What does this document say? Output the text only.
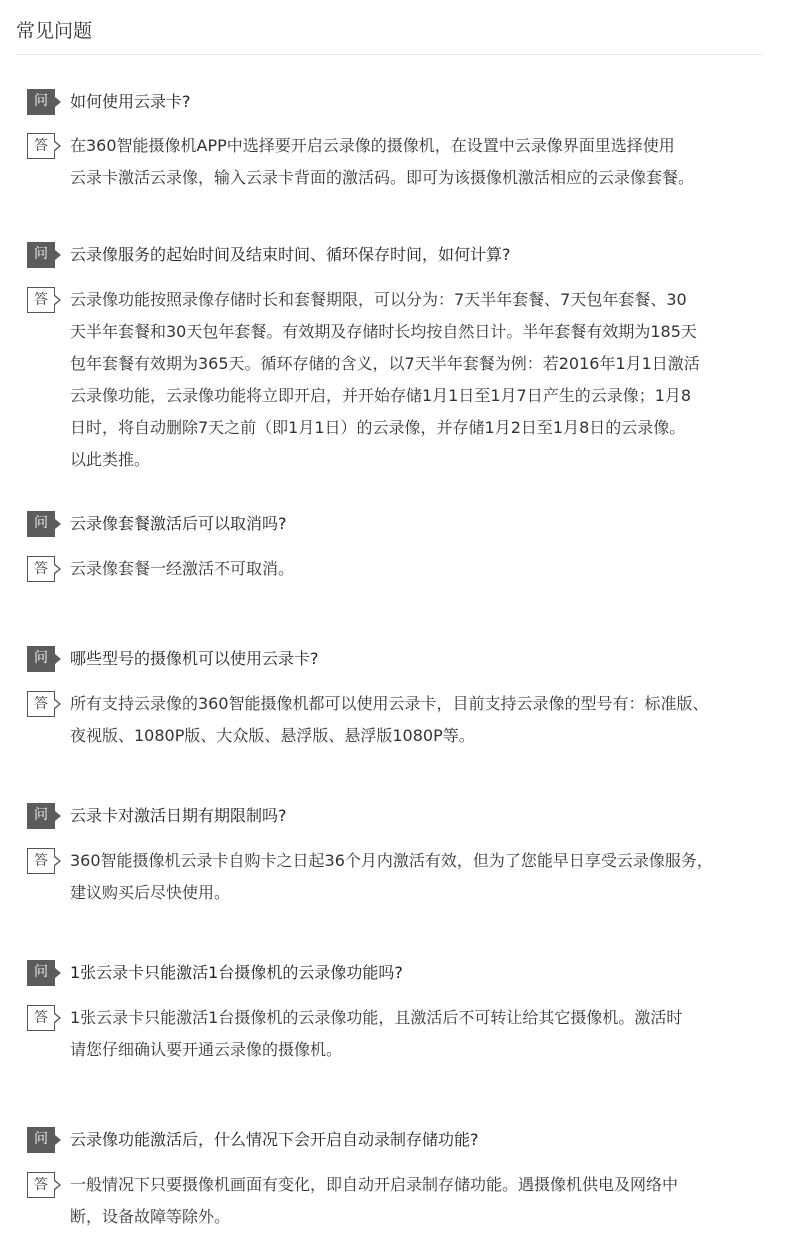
常见问题
问	如何使用云录卡?
答	在360智能摄像机APP中选择要开启云录像的摄像机，在设置中云录像界面里选择使用
云录卡激活云录像，输入云录卡背面的激活码。即可为该摄像机激活相应的云录像套餐。
问	云录像服务的起始时间及结束时间、循环保存时间，如何计算?
答	云录像功能按照录像存储时长和套餐期限，可以分为：7天半年套餐、7天包年套餐、30
天半年套餐和30天包年套餐。有效期及存储时长均按自然日计。半年套餐有效期为185天
包年套餐有效期为365天。循环存储的含义，以7天半年套餐为例：若2016年1月1日激活
云录像功能，云录像功能将立即开启，并开始存储1月1日至1月7日产生的云录像；1月8
日时，将自动删除7天之前（即1月1日）的云录像，并存储1月2日至1月8日的云录像。
以此类推。
问	云录像套餐激活后可以取消吗?
答	云录像套餐一经激活不可取消。
问	哪些型号的摄像机可以使用云录卡?
答	所有支持云录像的360智能摄像机都可以使用云录卡，目前支持云录像的型号有：标准版、
夜视版、1080P版、大众版、悬浮版、悬浮版1080P等。
问	云录卡对激活日期有期限制吗?
答	360智能摄像机云录卡自购卡之日起36个月内激活有效，但为了您能早日享受云录像服务，
建议购买后尽快使用。
问	1张云录卡只能激活1台摄像机的云录像功能吗?
答	1张云录卡只能激活1台摄像机的云录像功能，且激活后不可转让给其它摄像机。激活时
请您仔细确认要开通云录像的摄像机。
问	云录像功能激活后，什么情况下会开启自动录制存储功能?
答	一般情况下只要摄像机画面有变化，即自动开启录制存储功能。遇摄像机供电及网络中
断，设备故障等除外。
